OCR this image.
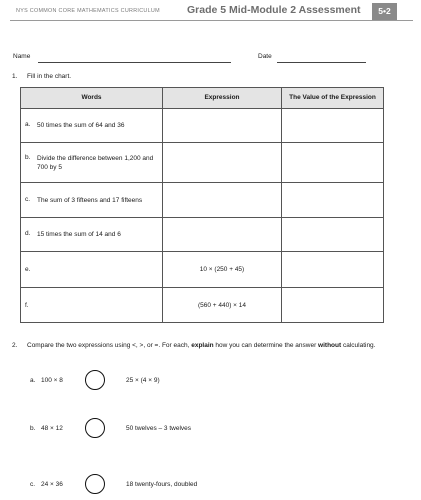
NYS COMMON CORE MATHEMATICS CURRICULUM	Grade 5 Mid-Module 2 Assessment	5•2
Name	Date
1. Fill in the chart.
Words	Expression	The Value of the Expression

a. 50 times the sum of 64 and 36		

b. Divide the difference between 1,200 and 700 by 5		

c. The sum of 3 fifteens and 17 fifteens		

d. 15 times the sum of 14 and 6		

e.	10 × (250 + 45)	

f.	(560 + 440) × 14	
2. Compare the two expressions using <, >, or =. For each, explain how you can determine the answer without calculating.
a. 100 × 8	25 × (4 × 9)
b. 48 × 12	50 twelves – 3 twelves
c. 24 × 36	18 twenty-fours, doubled
